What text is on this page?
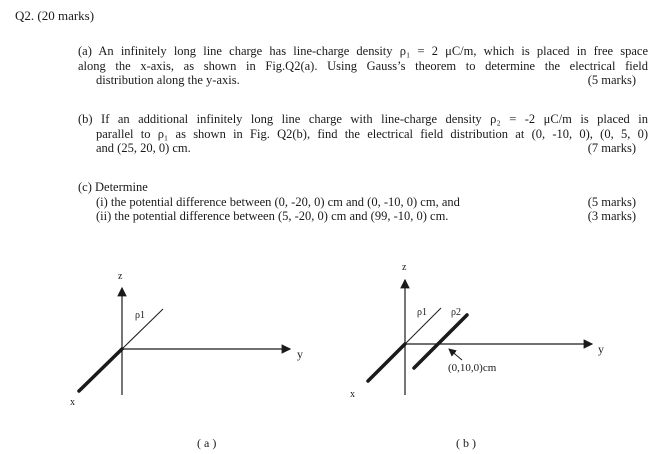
Q2. (20 marks)
(a) An infinitely long line charge has line-charge density ρ₁ = 2 μC/m, which is placed in free space
along the x-axis, as shown in Fig.Q2(a). Using Gauss’s theorem to determine the electrical field
distribution along the y-axis.	(5 marks)
(b) If an additional infinitely long line charge with line-charge density ρ₂ = -2 μC/m is placed in
parallel to ρ₁ as shown in Fig. Q2(b), find the electrical field distribution at (0, -10, 0), (0, 5, 0)
and (25, 20, 0) cm.	(7 marks)
(c) Determine
(i) the potential difference between (0, -20, 0) cm and (0, -10, 0) cm, and	(5 marks)
(ii) the potential difference between (5, -20, 0) cm and (99, -10, 0) cm.	(3 marks)
z
y
x
ρ1
( a )
z
y
x
ρ1 ρ2
(0,10,0)cm
( b )
